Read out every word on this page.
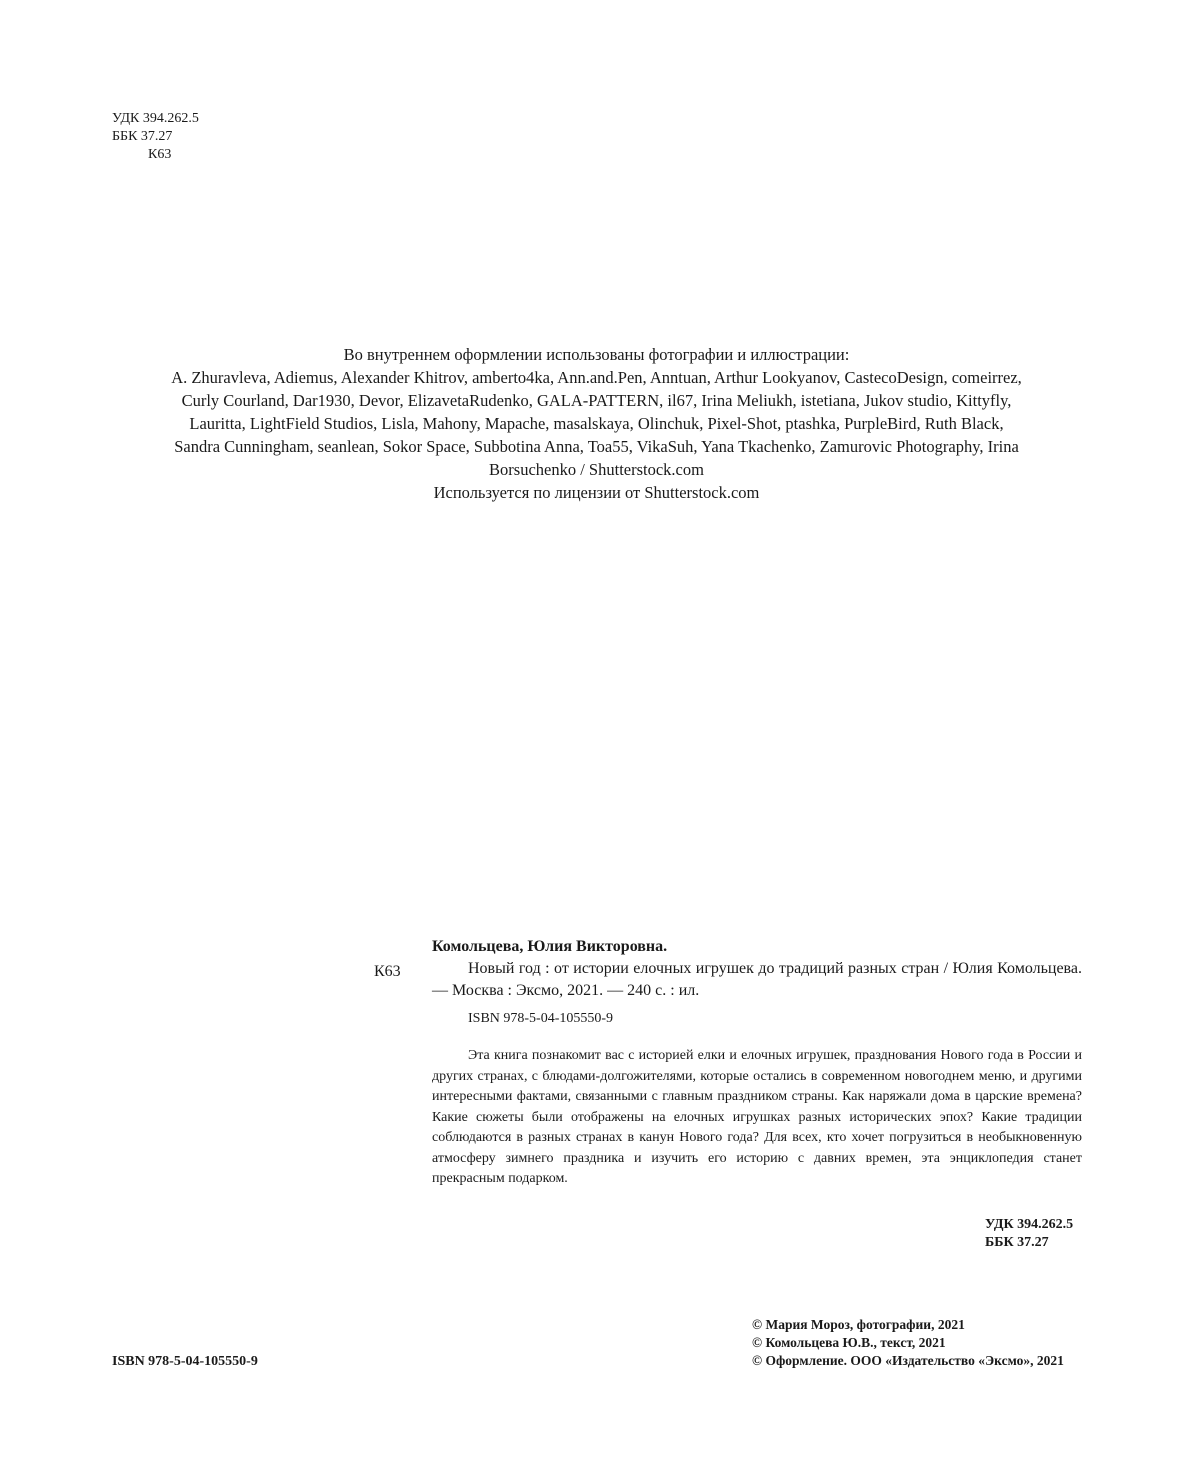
УДК 394.262.5
ББК 37.27
К63
Во внутреннем оформлении использованы фотографии и иллюстрации:
A. Zhuravleva, Adiemus, Alexander Khitrov, amberto4ka, Ann.and.Pen, Anntuan, Arthur Lookyanov, CastecoDesign, comeirrez,
Curly Courland, Dar1930, Devor, ElizavetaRudenko, GALA-PATTERN, il67, Irina Meliukh, istetiana, Jukov studio, Kittyfly,
Lauritta, LightField Studios, Lisla, Mahony, Mapache, masalskaya, Olinchuk, Pixel-Shot, ptashka, PurpleBird, Ruth Black,
Sandra Cunningham, seanlean, Sokor Space, Subbotina Anna, Toa55, VikaSuh, Yana Tkachenko, Zamurovic Photography, Irina
Borsuchenko / Shutterstock.com
Используется по лицензии от Shutterstock.com
К63

Комольцева, Юлия Викторовна.

Новый год : от истории елочных игрушек до традиций разных стран / Юлия Комольцева. — Москва : Эксмо, 2021. — 240 с. : ил.

ISBN 978-5-04-105550-9

Эта книга познакомит вас с историей елки и елочных игрушек, празднования Нового года в России и других странах, с блюдами-долгожителями, которые остались в современном новогоднем меню, и другими интересными фактами, связанными с главным праздником страны. Как наряжали дома в царские времена? Какие сюжеты были отображены на елочных игрушках разных исторических эпох? Какие традиции соблюдаются в разных странах в канун Нового года? Для всех, кто хочет погрузиться в необыкновенную атмосферу зимнего праздника и изучить его историю с давних времен, эта энциклопедия станет прекрасным подарком.

УДК 394.262.5
ББК 37.27
© Мария Мороз, фотографии, 2021
© Комольцева Ю.В., текст, 2021
© Оформление. ООО «Издательство «Эксмо», 2021
ISBN 978-5-04-105550-9
